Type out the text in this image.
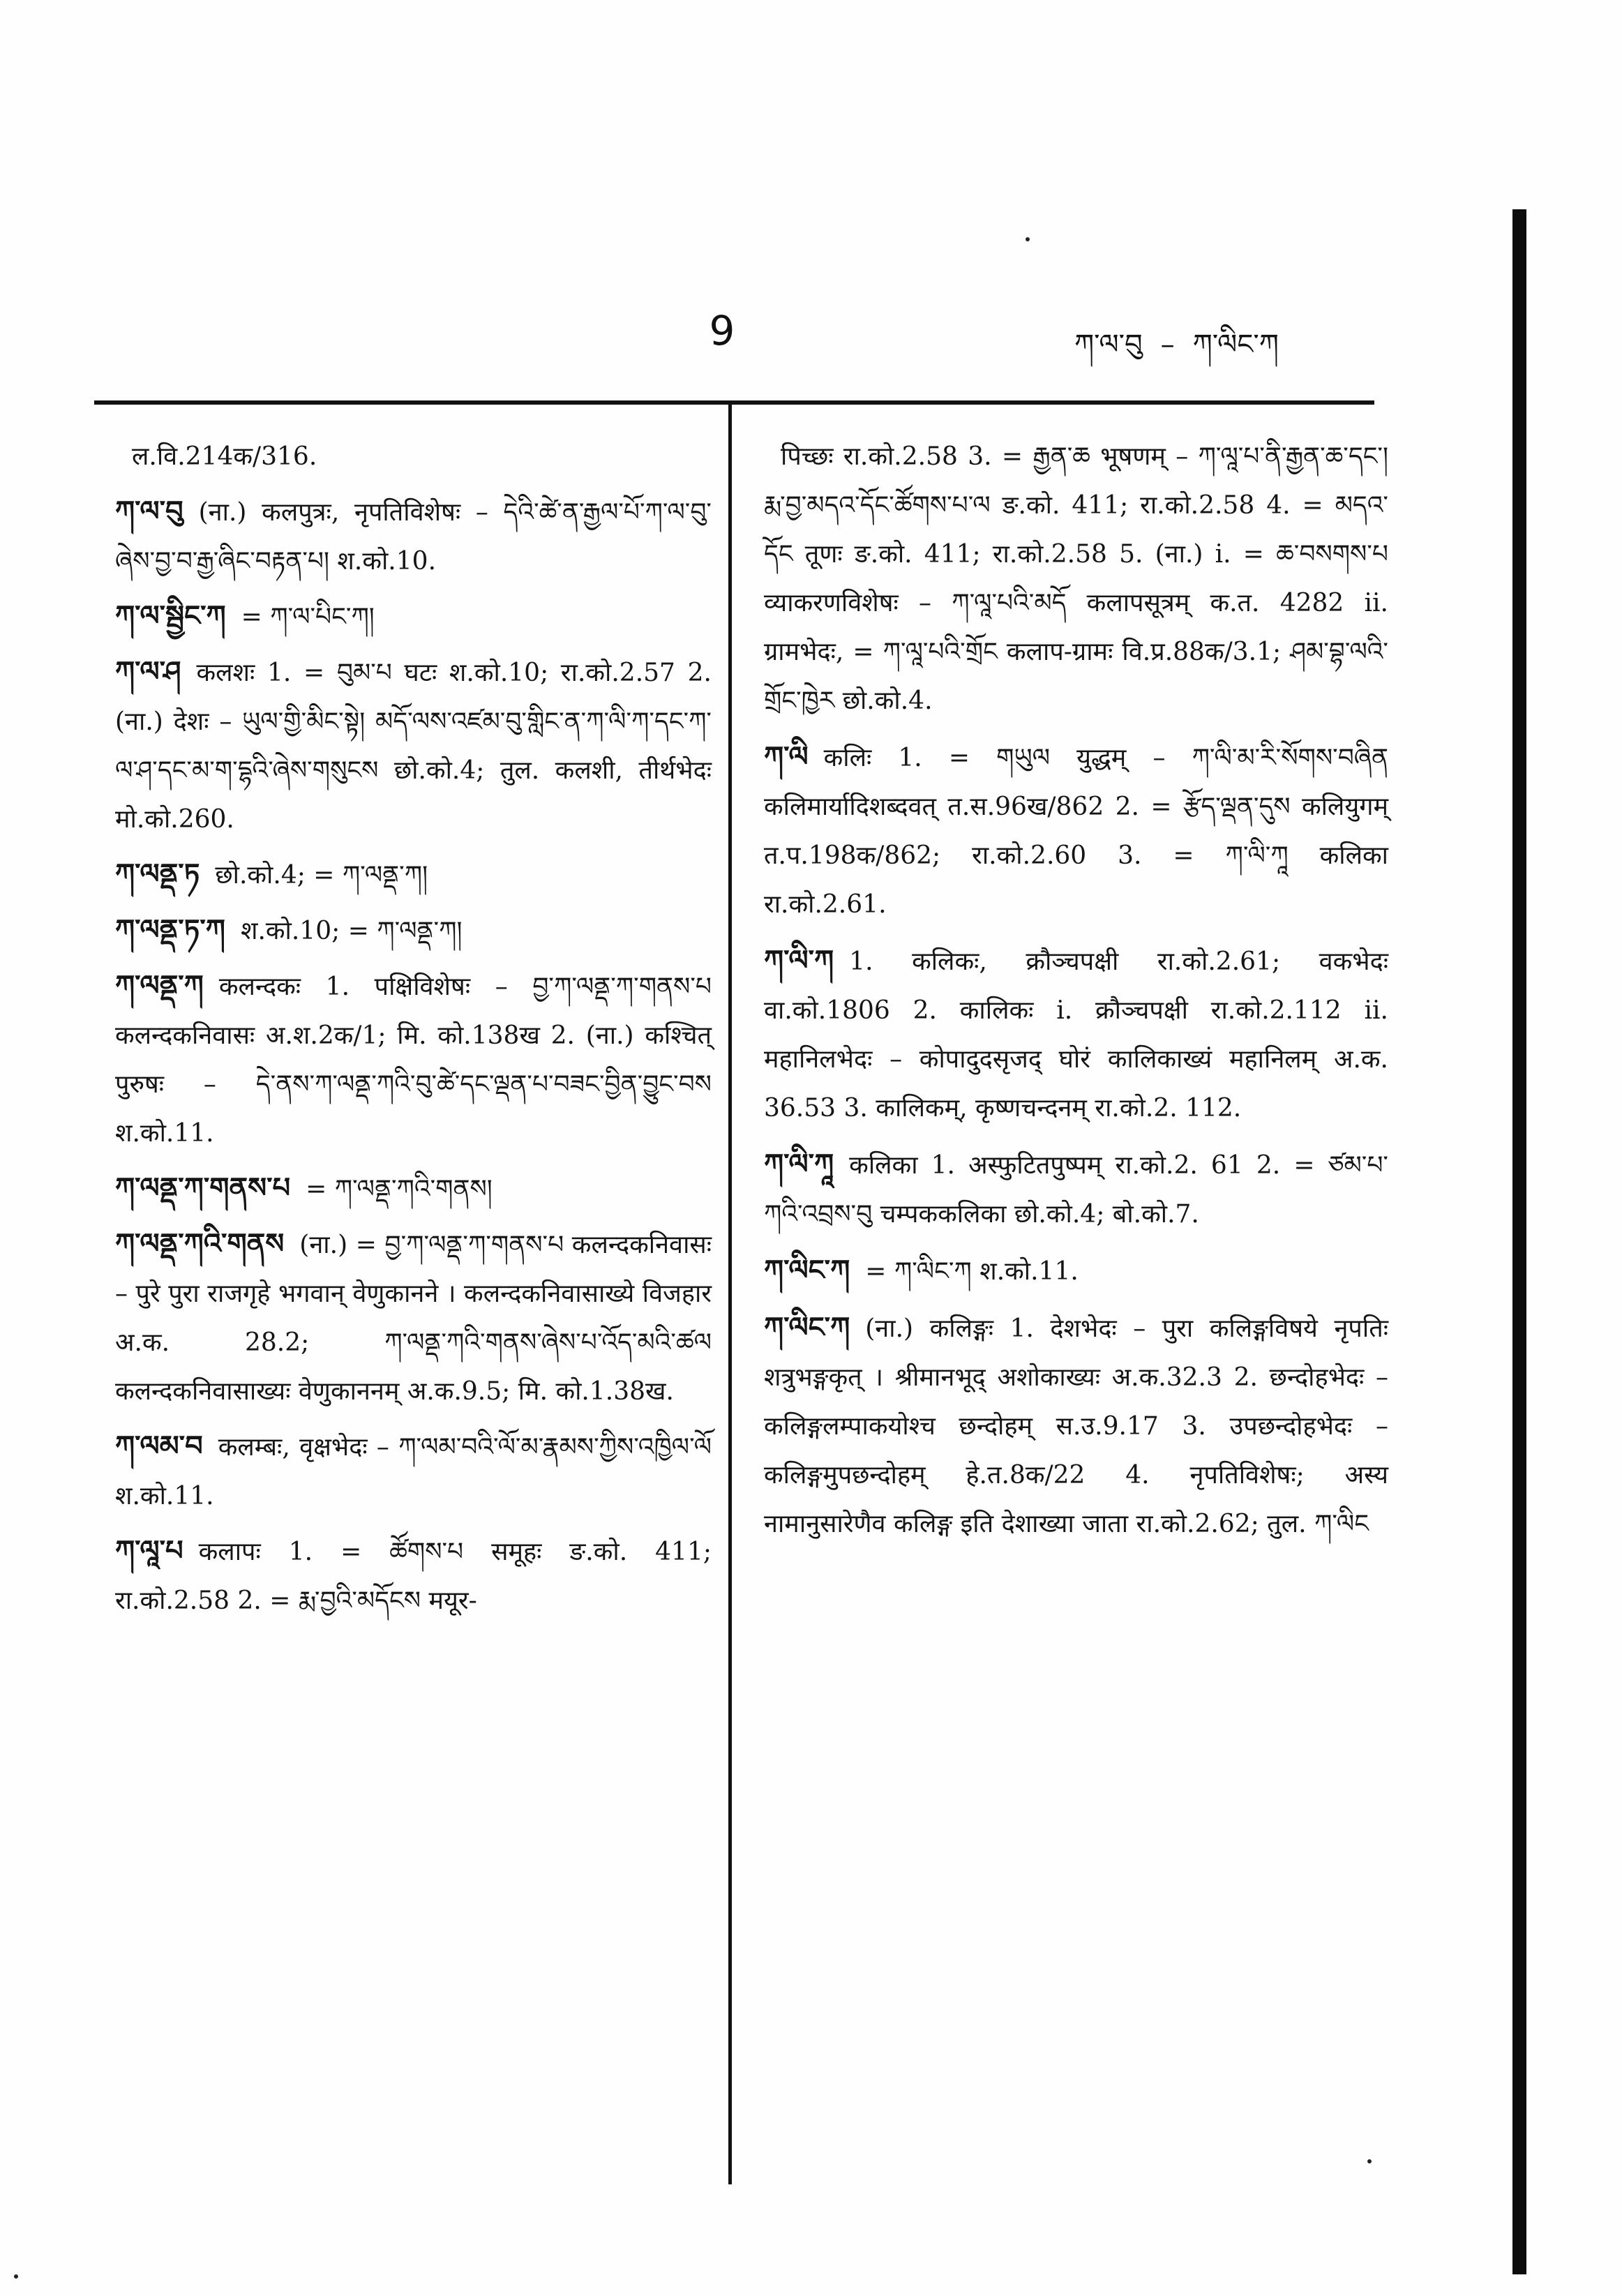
9	ཀ་ལ་བུ – ཀ་ལིང་ཀ
ल.वि.214क/316.
ཀ་ལ་བུ (ना.) कलपुत्रः, नृपतिविशेषः – དེའི་ཚེ་ན་རྒྱལ་པོ་ཀ་ལ་བུ་ཞེས་བྱ་བ་རྒྱ་ཞིང་བརྟན་པ། श.को.10.
ཀ་ལ་སྦྱིང་ཀ = ཀ་ལ་པིང་ཀ།
ཀ་ལ་ཤ कलशः 1. = བུམ་པ घटः श.को.10; रा.को.2.57 2. (ना.) देशः – ཡུལ་གྱི་མིང་སྟེ། མདོ་ལས་འཛམ་བུ་གླིང་ན་ཀ་ལི་ཀ་དང་ཀ་ལ་ཤ་དང་མ་ག་དྷའི་ཞེས་གསུངས छो.को.4; तुल. कलशी, तीर्थभेदः मो.को.260.
ཀ་ལནྡ་ཏ छो.को.4; = ཀ་ལནྡ་ཀ།
ཀ་ལནྡ་ཏ་ཀ श.को.10; = ཀ་ལནྡ་ཀ།
ཀ་ལནྡ་ཀ कलन्दकः 1. पक्षिविशेषः – བྱ་ཀ་ལནྡ་ཀ་གནས་པ कलन्दकनिवासः अ.श.2क/1; मि. को.138ख 2. (ना.) कश्चित् पुरुषः – དེ་ནས་ཀ་ལནྡ་ཀའི་བུ་ཚེ་དང་ལྡན་པ་བཟང་བྱིན་བྱུང་བས श.को.11.
ཀ་ལནྡ་ཀ་གནས་པ = ཀ་ལནྡ་ཀའི་གནས།
ཀ་ལནྡ་ཀའི་གནས (ना.) = བྱ་ཀ་ལནྡ་ཀ་གནས་པ कलन्दकनिवासः – पुरे पुरा राजगृहे भगवान् वेणुकानने । कलन्दकनिवासाख्ये विजहार अ.क. 28.2; ཀ་ལནྡ་ཀའི་གནས་ཞེས་པ་འོད་མའི་ཚལ कलन्दकनिवासाख्यः वेणुकाननम् अ.क.9.5; मि. को.1.38ख.
ཀ་ལམ་བ कलम्बः, वृक्षभेदः – ཀ་ལམ་བའི་ལོ་མ་རྣམས་ཀྱིས་འཁྱིལ་ལོ श.को.11.
ཀ་ལཱ་པ कलापः 1. = ཚོགས་པ समूहः ङ.को. 411; रा.को.2.58 2. = རྨ་བྱའི་མདོངས मयूर-
पिच्छः रा.को.2.58 3. = རྒྱན་ཆ भूषणम् – ཀ་ལཱ་པ་ནི་རྒྱན་ཆ་དང་། རྨ་བྱ་མདའ་དོང་ཚོགས་པ་ལ ङ.को. 411; रा.को.2.58 4. = མདའ་དོང तूणः ङ.को. 411; रा.को.2.58 5. (ना.) i. = ཆ་བསགས་པ व्याकरणविशेषः – ཀ་ལཱ་པའི་མདོ कलापसूत्रम् क.त. 4282 ii. ग्रामभेदः, = ཀ་ལཱ་པའི་གྲོང कलाप-ग्रामः वि.प्र.88क/3.1; ཤམ་བྷ་ལའི་གྲོང་ཁྱེར छो.को.4.
ཀ་ལི कलिः 1. = གཡུལ युद्धम् – ཀ་ལི་མ་རི་སོགས་བཞིན कलिमार्यादिशब्दवत् त.स.96ख/862 2. = རྩོད་ལྡན་དུས कलियुगम् त.प.198क/862; रा.को.2.60 3. = ཀ་ལི་ཀཱ कलिका रा.को.2.61.
ཀ་ལི་ཀ 1. कलिकः, क्रौञ्चपक्षी रा.को.2.61; वकभेदः वा.को.1806 2. कालिकः i. क्रौञ्चपक्षी रा.को.2.112 ii. महानिलभेदः – कोपादुदसृजद् घोरं कालिकाख्यं महानिलम् अ.क. 36.53 3. कालिकम्, कृष्णचन्दनम् रा.को.2. 112.
ཀ་ལི་ཀཱ कलिका 1. अस्फुटितपुष्पम् रा.को.2. 61 2. = ཙམ་པ་ཀའི་འབྲས་བུ चम्पककलिका छो.को.4; बो.को.7.
ཀ་ལིང་ཀ = ཀ་ལིང་ཀ श.को.11.
ཀ་ལིང་ཀ (ना.) कलिङ्गः 1. देशभेदः – पुरा कलिङ्गविषये नृपतिः शत्रुभङ्गकृत् । श्रीमानभूद् अशोकाख्यः अ.क.32.3 2. छन्दोहभेदः – कलिङ्गलम्पाकयोश्च छन्दोहम् स.उ.9.17 3. उपछन्दोहभेदः – कलिङ्गमुपछन्दोहम् हे.त.8क/22 4. नृपतिविशेषः; अस्य नामानुसारेणैव कलिङ्ग इति देशाख्या जाता रा.को.2.62; तुल. ཀ་ལིང
